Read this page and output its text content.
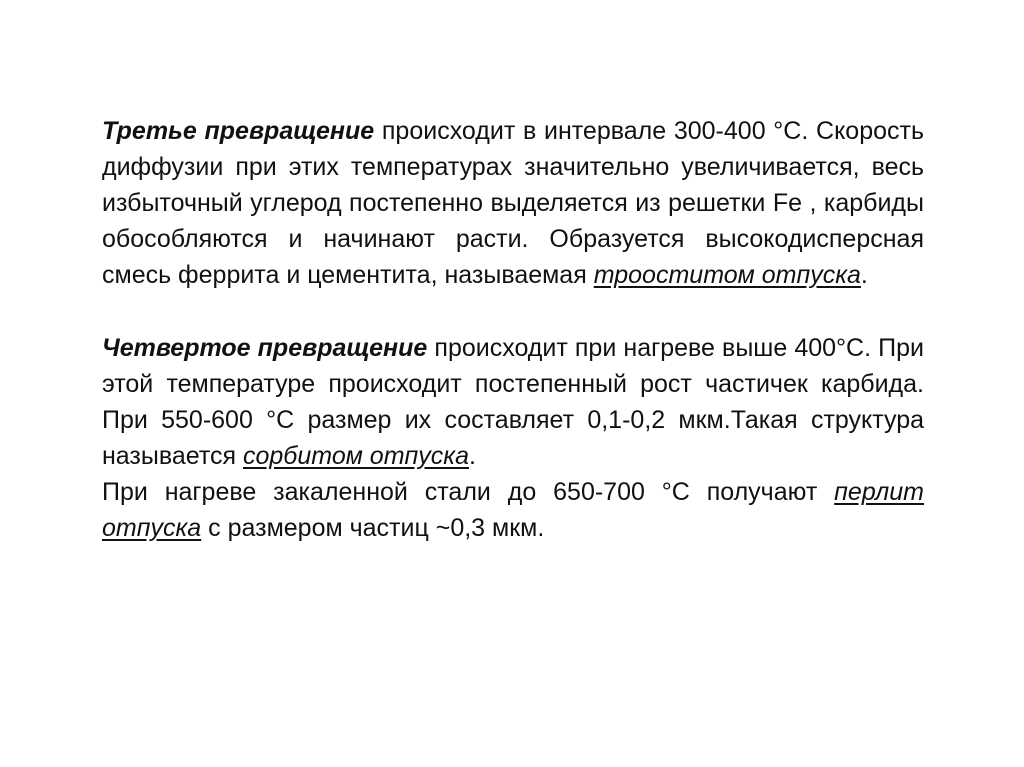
Третье превращение происходит в интервале 300-400 °С. Скорость диффузии при этих температурах значительно увеличивается, весь избыточный углерод постепенно выделяется из решетки Fe , карбиды обособляются и начинают расти. Образуется высокодисперсная смесь феррита и цементита, называемая трооститом отпуска.

Четвертое превращение происходит при нагреве выше 400°С. При этой температуре происходит постепенный рост частичек карбида. При 550-600 °С размер их составляет 0,1-0,2 мкм.Такая структура называется сорбитом отпуска.

При нагреве закаленной стали до 650-700 °С получают перлит отпуска с размером частиц ~0,3 мкм.
